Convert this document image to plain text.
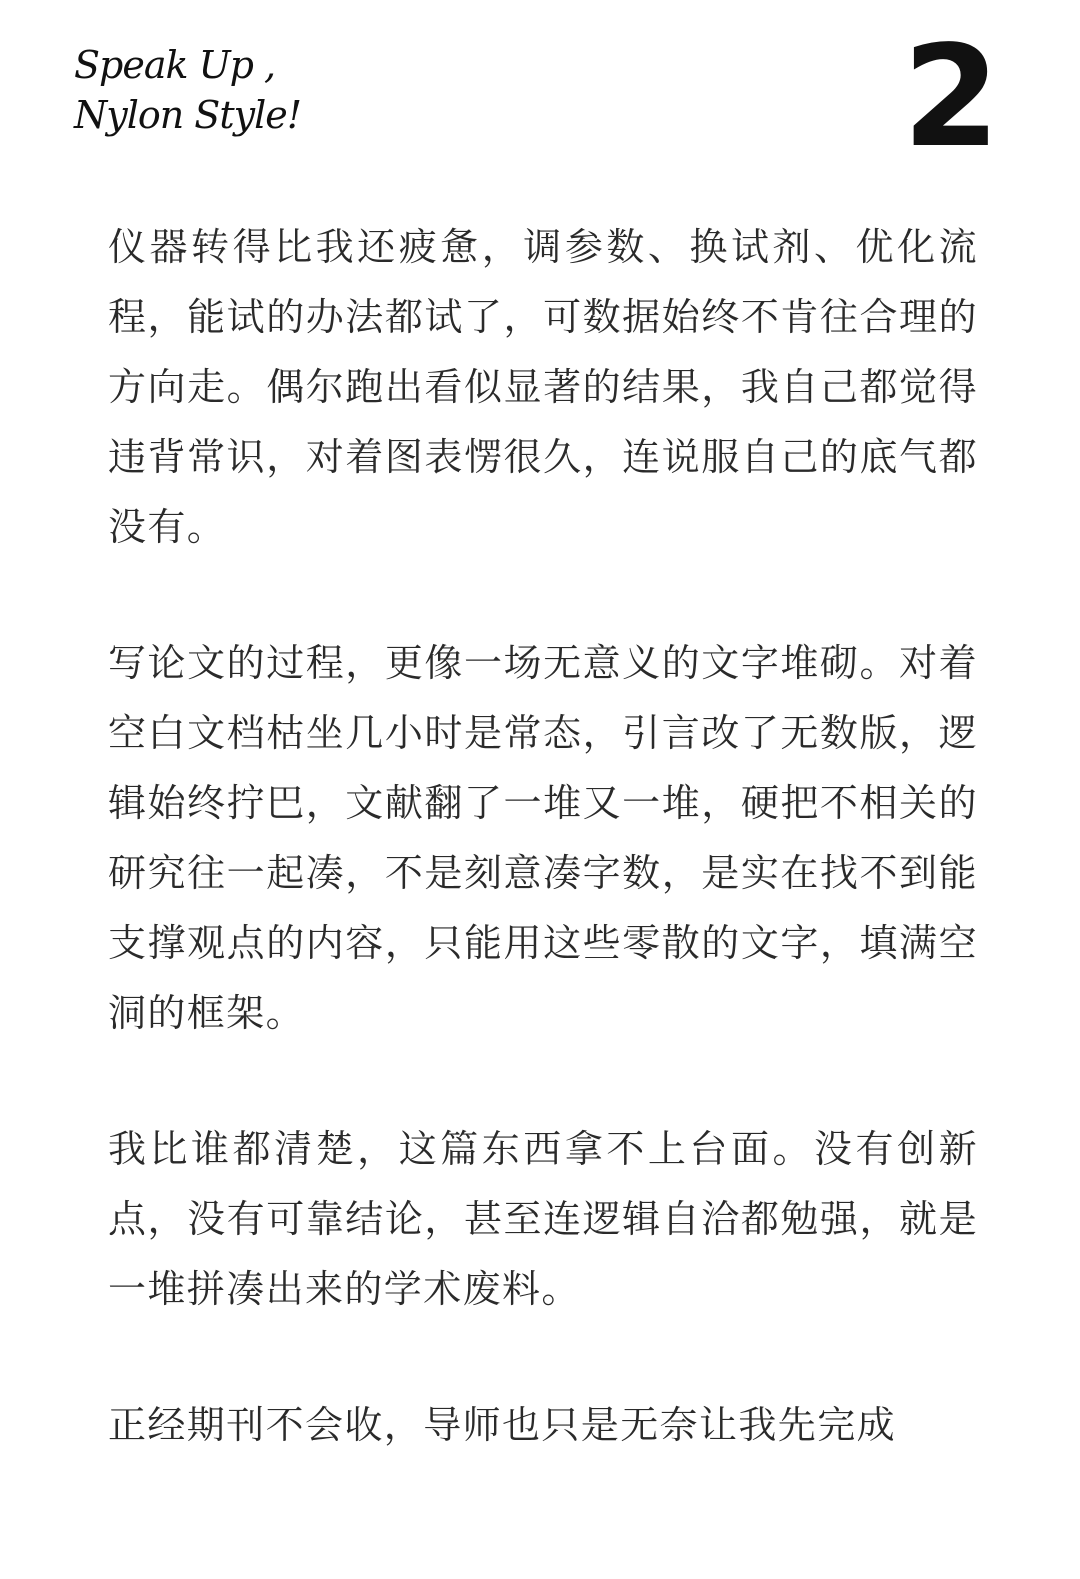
Speak Up ,
Nylon Style!	2

仪器转得比我还疲惫，调参数、换试剂、优化流程，能试的办法都试了，可数据始终不肯往合理的方向走。偶尔跑出看似显著的结果，我自己都觉得违背常识，对着图表愣很久，连说服自己的底气都没有。

写论文的过程，更像一场无意义的文字堆砌。对着空白文档枯坐几小时是常态，引言改了无数版，逻辑始终拧巴，文献翻了一堆又一堆，硬把不相关的研究往一起凑，不是刻意凑字数，是实在找不到能支撑观点的内容，只能用这些零散的文字，填满空洞的框架。

我比谁都清楚，这篇东西拿不上台面。没有创新点，没有可靠结论，甚至连逻辑自洽都勉强，就是一堆拼凑出来的学术废料。

正经期刊不会收，导师也只是无奈让我先完成
